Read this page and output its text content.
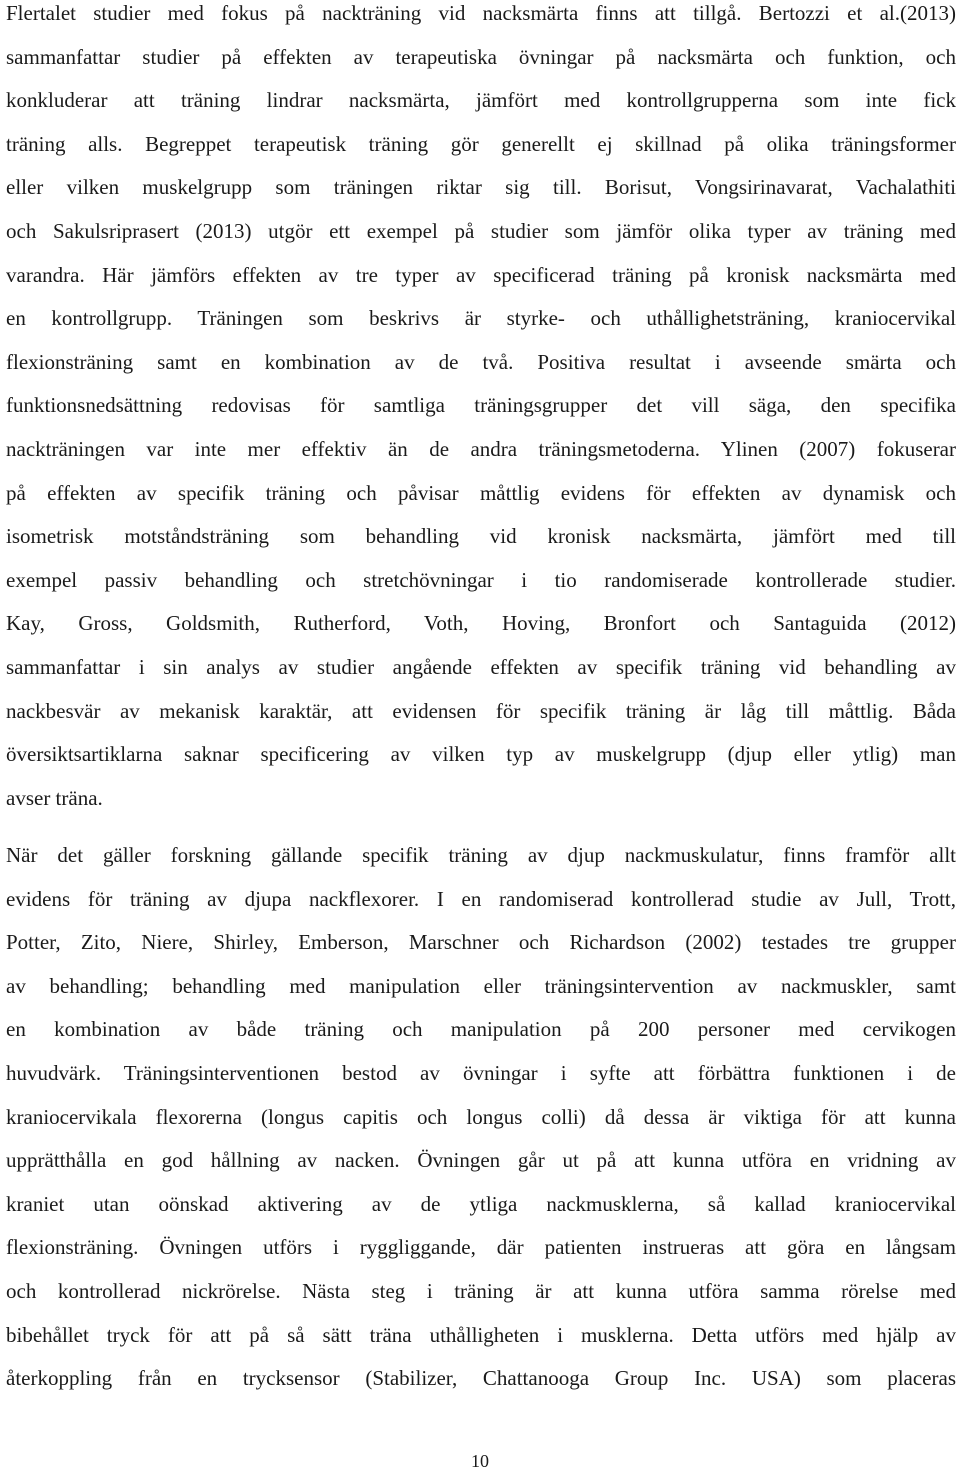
Flertalet studier med fokus på nackträning vid nacksmärta finns att tillgå. Bertozzi et al.(2013)
sammanfattar studier på effekten av terapeutiska övningar på nacksmärta och funktion, och
konkluderar att träning lindrar nacksmärta, jämfört med kontrollgrupperna som inte fick
träning alls. Begreppet terapeutisk träning gör generellt ej skillnad på olika träningsformer
eller vilken muskelgrupp som träningen riktar sig till. Borisut, Vongsirinavarat, Vachalathiti
och Sakulsriprasert (2013) utgör ett exempel på studier som jämför olika typer av träning med
varandra. Här jämförs effekten av tre typer av specificerad träning på kronisk nacksmärta med
en kontrollgrupp. Träningen som beskrivs är styrke- och uthållighetsträning, kraniocervikal
flexionsträning samt en kombination av de två. Positiva resultat i avseende smärta och
funktionsnedsättning redovisas för samtliga träningsgrupper det vill säga, den specifika
nackträningen var inte mer effektiv än de andra träningsmetoderna. Ylinen (2007) fokuserar
på effekten av specifik träning och påvisar måttlig evidens för effekten av dynamisk och
isometrisk motståndsträning som behandling vid kronisk nacksmärta, jämfört med till
exempel passiv behandling och stretchövningar i tio randomiserade kontrollerade studier.
Kay, Gross, Goldsmith, Rutherford, Voth, Hoving, Bronfort och Santaguida (2012)
sammanfattar i sin analys av studier angående effekten av specifik träning vid behandling av
nackbesvär av mekanisk karaktär, att evidensen för specifik träning är låg till måttlig. Båda
översiktsartiklarna saknar specificering av vilken typ av muskelgrupp (djup eller ytlig) man
avser träna.
När det gäller forskning gällande specifik träning av djup nackmuskulatur, finns framför allt
evidens för träning av djupa nackflexorer. I en randomiserad kontrollerad studie av Jull, Trott,
Potter, Zito, Niere, Shirley, Emberson, Marschner och Richardson (2002) testades tre grupper
av behandling; behandling med manipulation eller träningsintervention av nackmuskler, samt
en kombination av både träning och manipulation på 200 personer med cervikogen
huvudvärk. Träningsinterventionen bestod av övningar i syfte att förbättra funktionen i de
kraniocervikala flexorerna (longus capitis och longus colli) då dessa är viktiga för att kunna
upprätthålla en god hållning av nacken. Övningen går ut på att kunna utföra en vridning av
kraniet utan oönskad aktivering av de ytliga nackmusklerna, så kallad kraniocervikal
flexionsträning. Övningen utförs i ryggliggande, där patienten instrueras att göra en långsam
och kontrollerad nickrörelse. Nästa steg i träning är att kunna utföra samma rörelse med
bibehållet tryck för att på så sätt träna uthålligheten i musklerna. Detta utförs med hjälp av
återkoppling från en trycksensor (Stabilizer, Chattanooga Group Inc. USA) som placeras
10
